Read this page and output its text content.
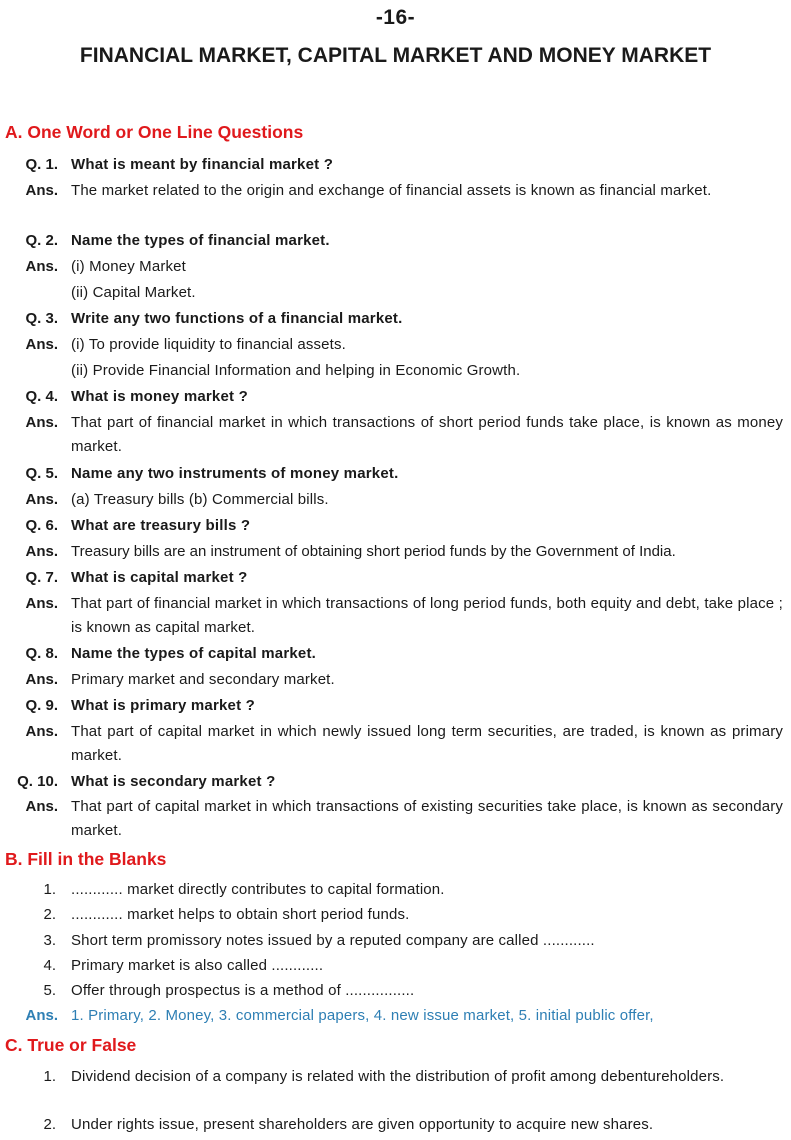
-16-
FINANCIAL MARKET, CAPITAL MARKET AND MONEY MARKET
A. One Word or One Line Questions
Q. 1. What is meant by financial market ?
Ans. The market related to the origin and exchange of financial assets is known as financial market.
Q. 2. Name the types of financial market.
Ans. (i) Money Market
(ii) Capital Market.
Q. 3. Write any two functions of a financial market.
Ans. (i) To provide liquidity to financial assets.
(ii) Provide Financial Information and helping in Economic Growth.
Q. 4. What is money market ?
Ans. That part of financial market in which transactions of short period funds take place, is known as money market.
Q. 5. Name any two instruments of money market.
Ans. (a) Treasury bills (b) Commercial bills.
Q. 6. What are treasury bills ?
Ans. Treasury bills are an instrument of obtaining short period funds by the Government of India.
Q. 7. What is capital market ?
Ans. That part of financial market in which transactions of long period funds, both equity and debt, take place ; is known as capital market.
Q. 8. Name the types of capital market.
Ans. Primary market and secondary market.
Q. 9. What is primary market ?
Ans. That part of capital market in which newly issued long term securities, are traded, is known as primary market.
Q. 10. What is secondary market ?
Ans. That part of capital market in which transactions of existing securities take place, is known as secondary market.
B. Fill in the Blanks
1. ............ market directly contributes to capital formation.
2. ............ market helps to obtain short period funds.
3. Short term promissory notes issued by a reputed company are called ............
4. Primary market is also called ............
5. Offer through prospectus is a method of ................
Ans. 1. Primary, 2. Money, 3. commercial papers, 4. new issue market, 5. initial public offer,
C. True or False
1. Dividend decision of a company is related with the distribution of profit among debentureholders.
2. Under rights issue, present shareholders are given opportunity to acquire new shares.
